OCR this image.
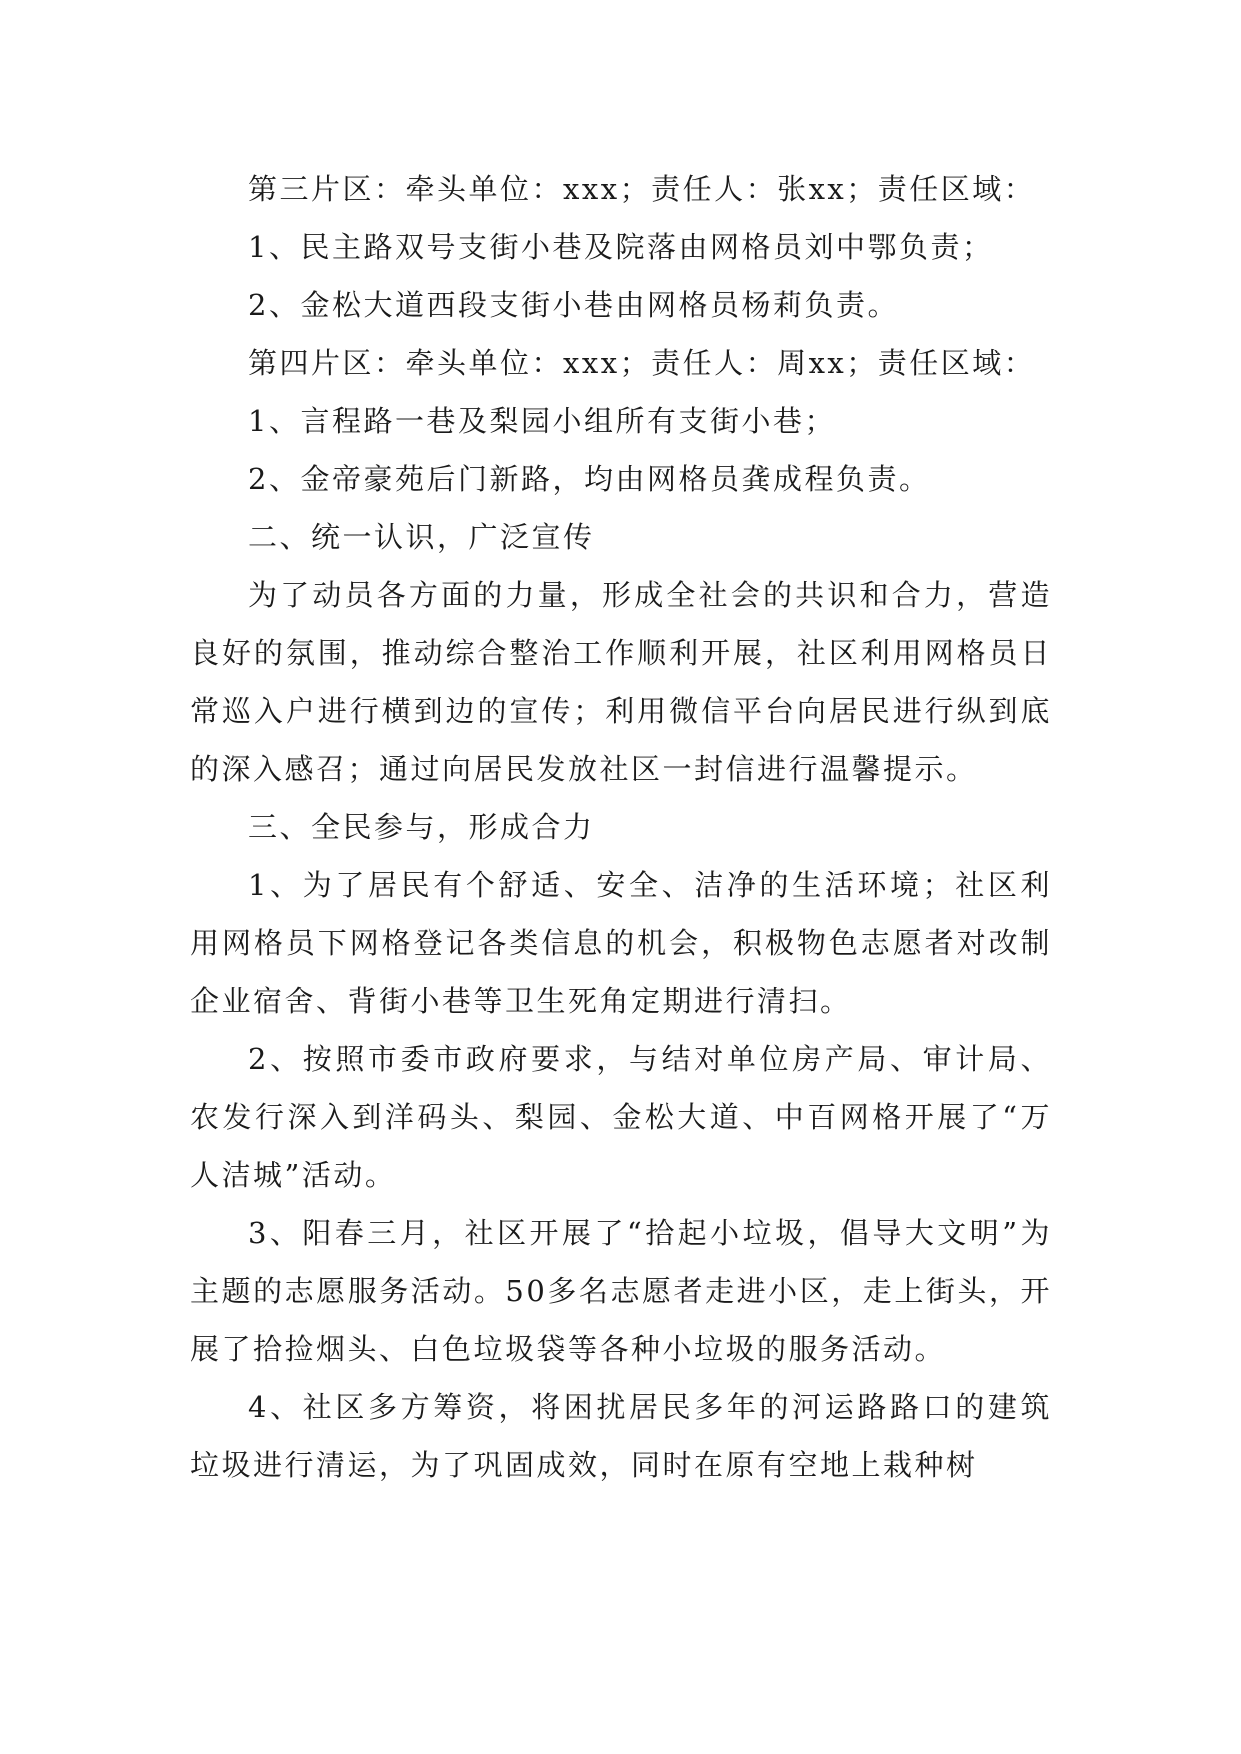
第三片区：牵头单位：xxx；责任人：张xx；责任区域：

1、民主路双号支街小巷及院落由网格员刘中鄂负责；

2、金松大道西段支街小巷由网格员杨莉负责。

第四片区：牵头单位：xxx；责任人：周xx；责任区域：

1、言程路一巷及梨园小组所有支街小巷；

2、金帝豪苑后门新路，均由网格员龚成程负责。

二、统一认识，广泛宣传

为了动员各方面的力量，形成全社会的共识和合力，营造良好的氛围，推动综合整治工作顺利开展，社区利用网格员日常巡入户进行横到边的宣传；利用微信平台向居民进行纵到底的深入感召；通过向居民发放社区一封信进行温馨提示。

三、全民参与，形成合力

1、为了居民有个舒适、安全、洁净的生活环境；社区利用网格员下网格登记各类信息的机会，积极物色志愿者对改制企业宿舍、背街小巷等卫生死角定期进行清扫。

2、按照市委市政府要求，与结对单位房产局、审计局、农发行深入到洋码头、梨园、金松大道、中百网格开展了“万人洁城”活动。

3、阳春三月，社区开展了“拾起小垃圾，倡导大文明”为主题的志愿服务活动。50多名志愿者走进小区，走上街头，开展了拾捡烟头、白色垃圾袋等各种小垃圾的服务活动。

4、社区多方筹资，将困扰居民多年的河运路路口的建筑垃圾进行清运，为了巩固成效，同时在原有空地上栽种树
